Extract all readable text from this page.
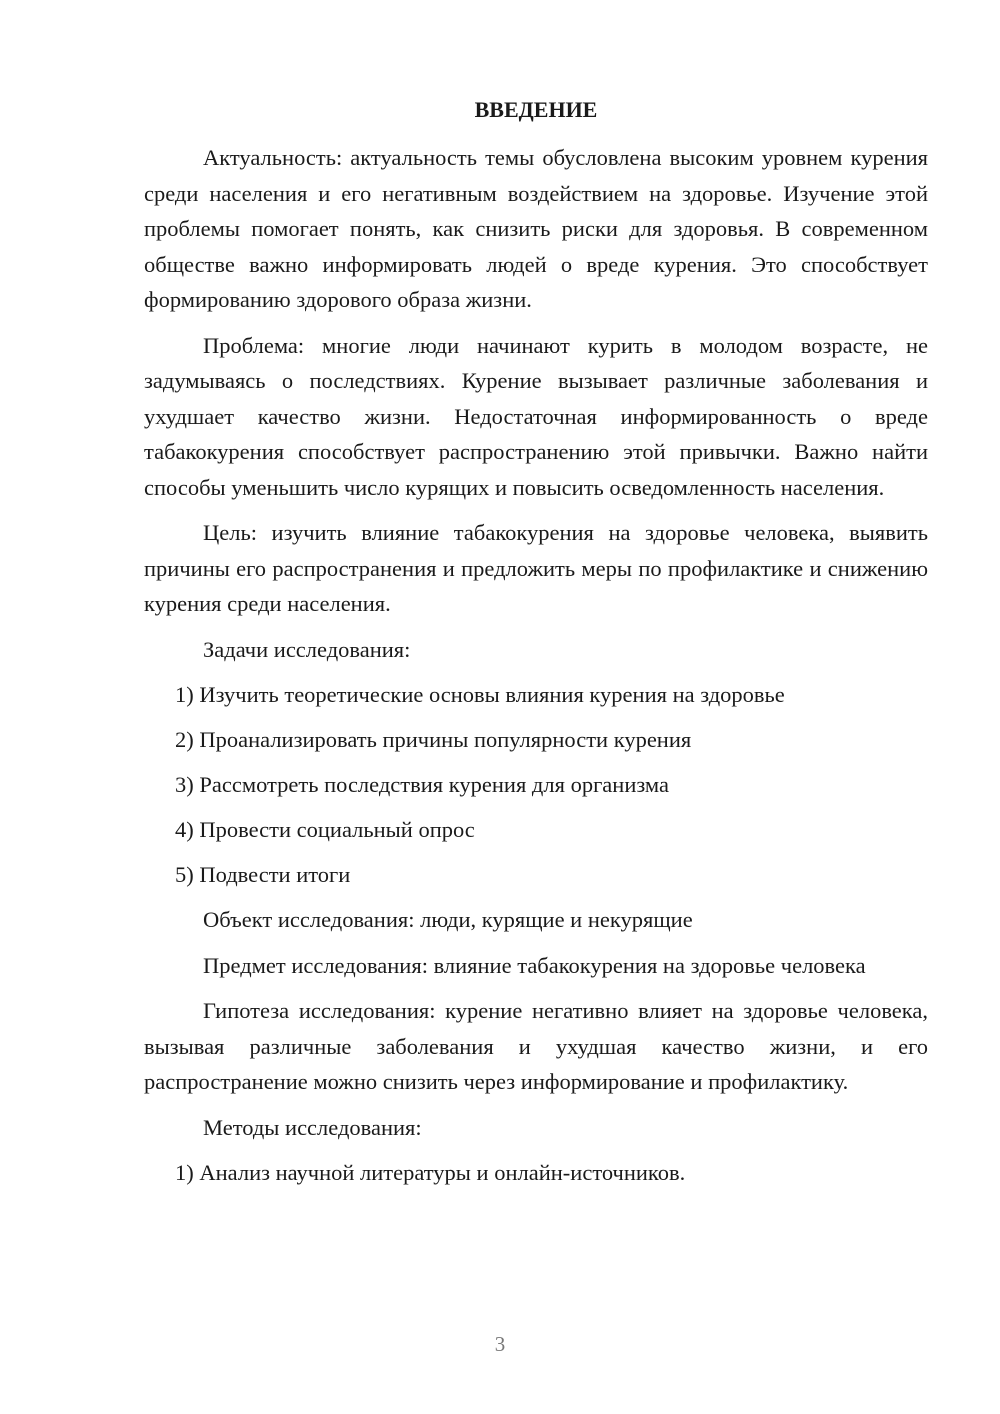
ВВЕДЕНИЕ

Актуальность: актуальность темы обусловлена высоким уровнем курения среди населения и его негативным воздействием на здоровье. Изучение этой проблемы помогает понять, как снизить риски для здоровья. В современном обществе важно информировать людей о вреде курения. Это способствует формированию здорового образа жизни.

Проблема: многие люди начинают курить в молодом возрасте, не задумываясь о последствиях. Курение вызывает различные заболевания и ухудшает качество жизни. Недостаточная информированность о вреде табакокурения способствует распространению этой привычки. Важно найти способы уменьшить число курящих и повысить осведомленность населения.

Цель: изучить влияние табакокурения на здоровье человека, выявить причины его распространения и предложить меры по профилактике и снижению курения среди населения.

Задачи исследования:

1) Изучить теоретические основы влияния курения на здоровье
2) Проанализировать причины популярности курения
3) Рассмотреть последствия курения для организма
4) Провести социальный опрос
5) Подвести итоги

Объект исследования: люди, курящие и некурящие

Предмет исследования: влияние табакокурения на здоровье человека

Гипотеза исследования: курение негативно влияет на здоровье человека, вызывая различные заболевания и ухудшая качество жизни, и его распространение можно снизить через информирование и профилактику.

Методы исследования:

1) Анализ научной литературы и онлайн-источников.
3
